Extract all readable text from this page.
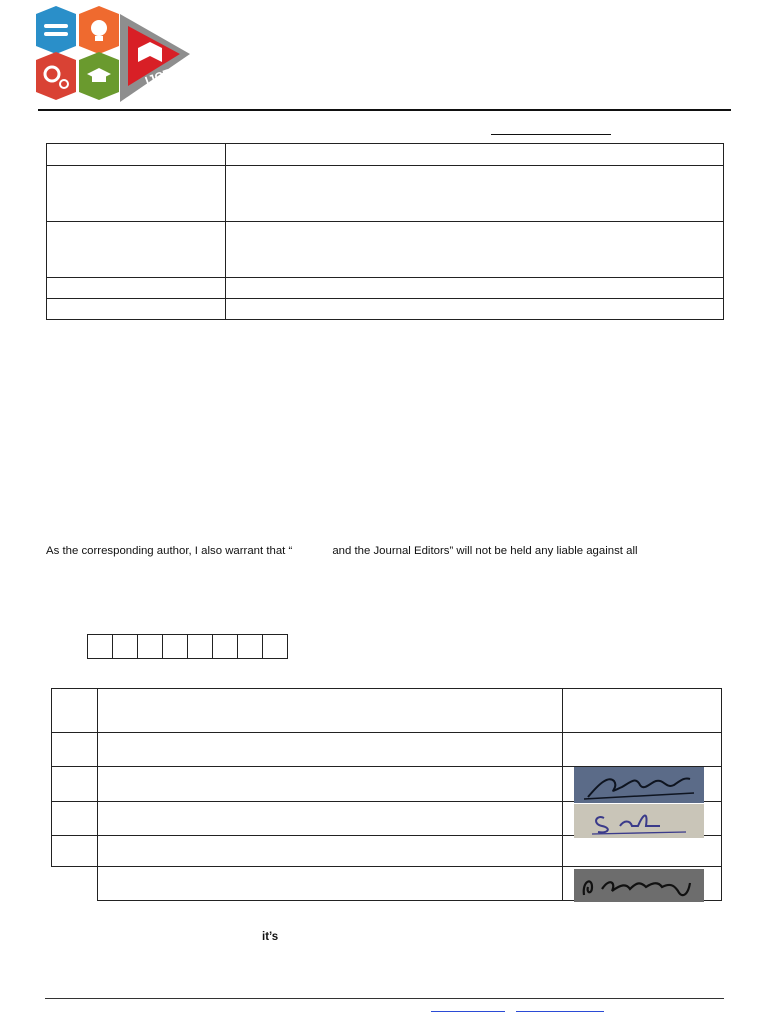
IJCRT

As the corresponding author, I also warrant that “	and the Journal Editors” will not be held any liable against all

it’s
